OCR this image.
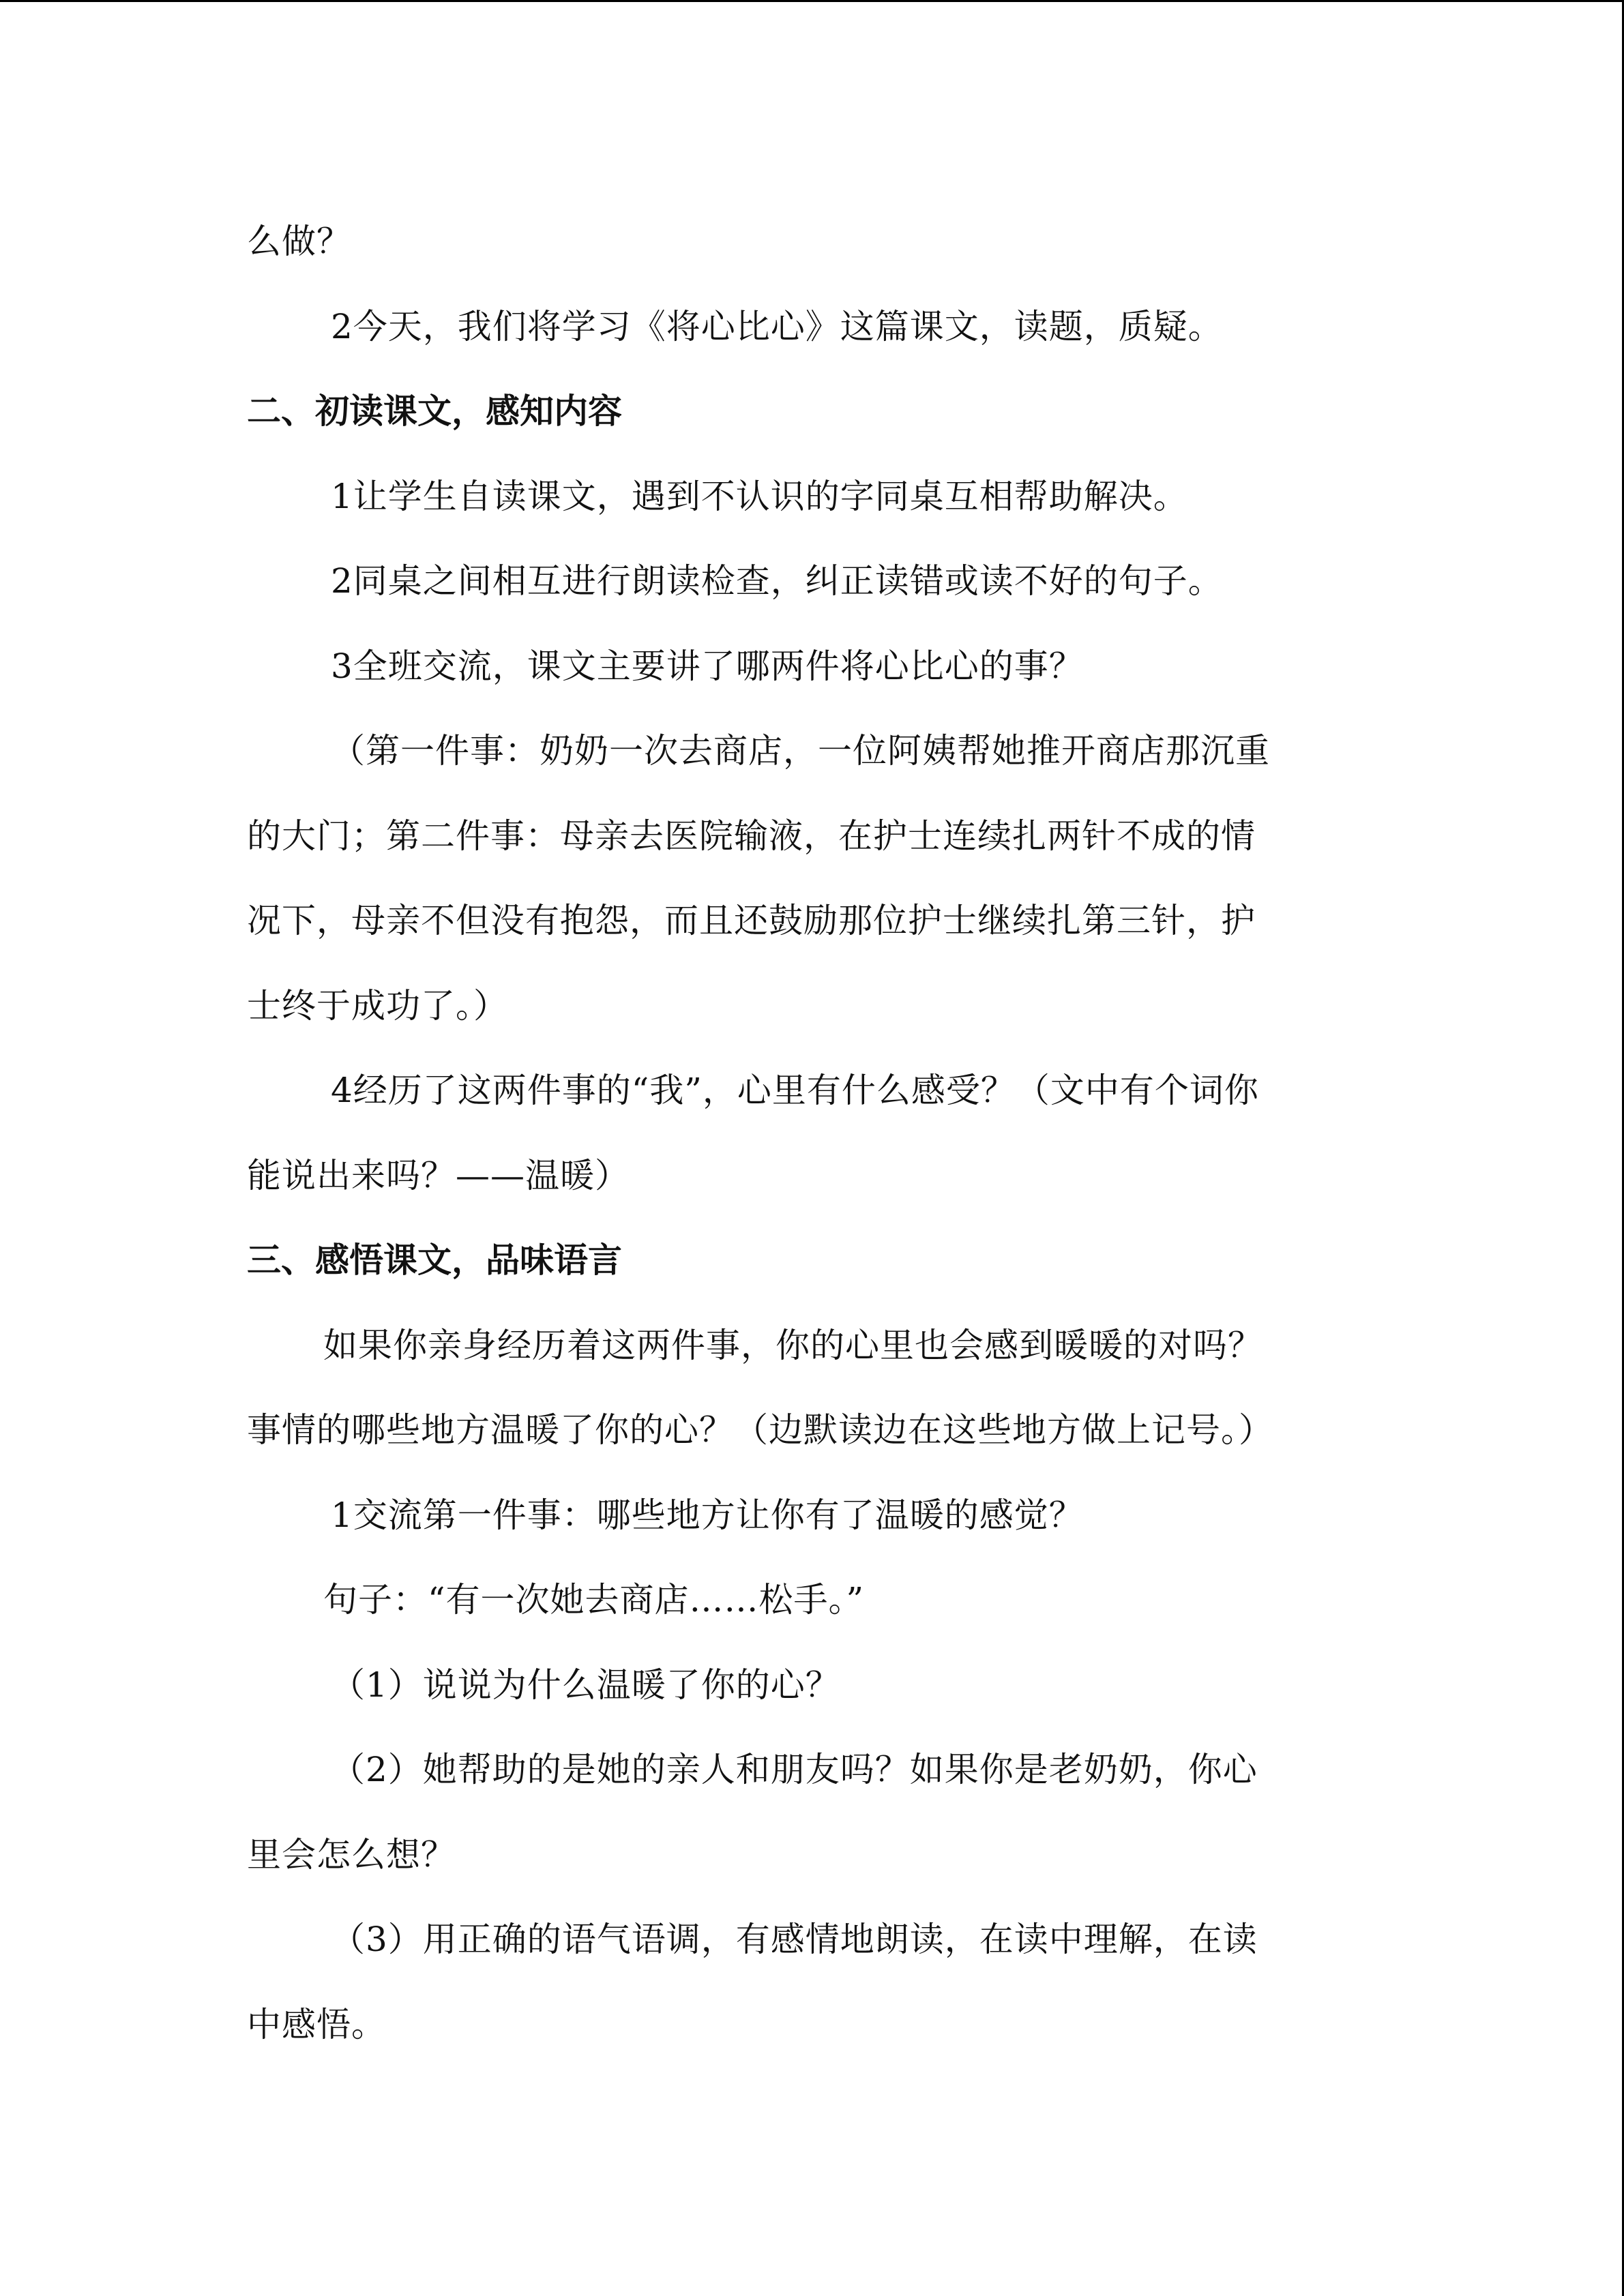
么做？
2今天，我们将学习《将心比心》这篇课文，读题，质疑。
二、初读课文，感知内容
1让学生自读课文，遇到不认识的字同桌互相帮助解决。
2同桌之间相互进行朗读检查，纠正读错或读不好的句子。
3全班交流，课文主要讲了哪两件将心比心的事？
（第一件事：奶奶一次去商店，一位阿姨帮她推开商店那沉重
的大门；第二件事：母亲去医院输液，在护士连续扎两针不成的情
况下，母亲不但没有抱怨，而且还鼓励那位护士继续扎第三针，护
士终于成功了。）
4经历了这两件事的“我”，心里有什么感受？（文中有个词你
能说出来吗？——温暖）
三、感悟课文，品味语言
如果你亲身经历着这两件事，你的心里也会感到暖暖的对吗？
事情的哪些地方温暖了你的心？（边默读边在这些地方做上记号。）
1交流第一件事：哪些地方让你有了温暖的感觉？
句子：“有一次她去商店……松手。”
（1）说说为什么温暖了你的心？
（2）她帮助的是她的亲人和朋友吗？如果你是老奶奶，你心
里会怎么想？
（3）用正确的语气语调，有感情地朗读，在读中理解，在读
中感悟。
